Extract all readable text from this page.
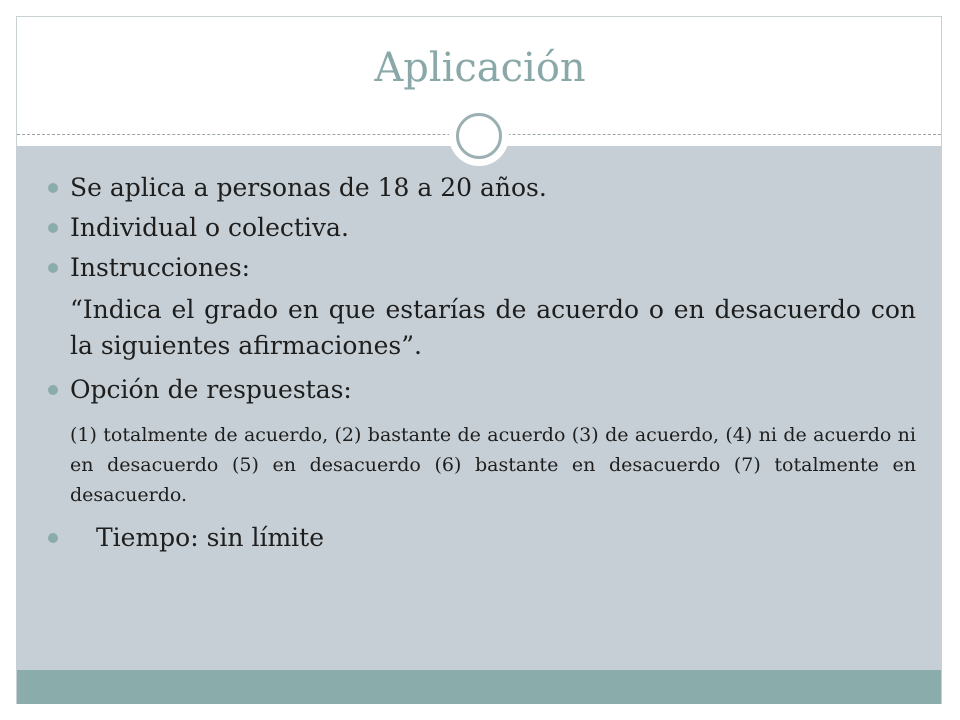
Aplicación
Se aplica a personas de 18 a 20 años.
Individual o colectiva.
Instrucciones:
“Indica el grado en que estarías de acuerdo o en desacuerdo con la siguientes afirmaciones”.
Opción de respuestas:
(1) totalmente de acuerdo, (2) bastante de acuerdo (3) de acuerdo, (4) ni de acuerdo ni en desacuerdo (5) en desacuerdo (6) bastante en desacuerdo (7) totalmente en desacuerdo.
Tiempo: sin límite
